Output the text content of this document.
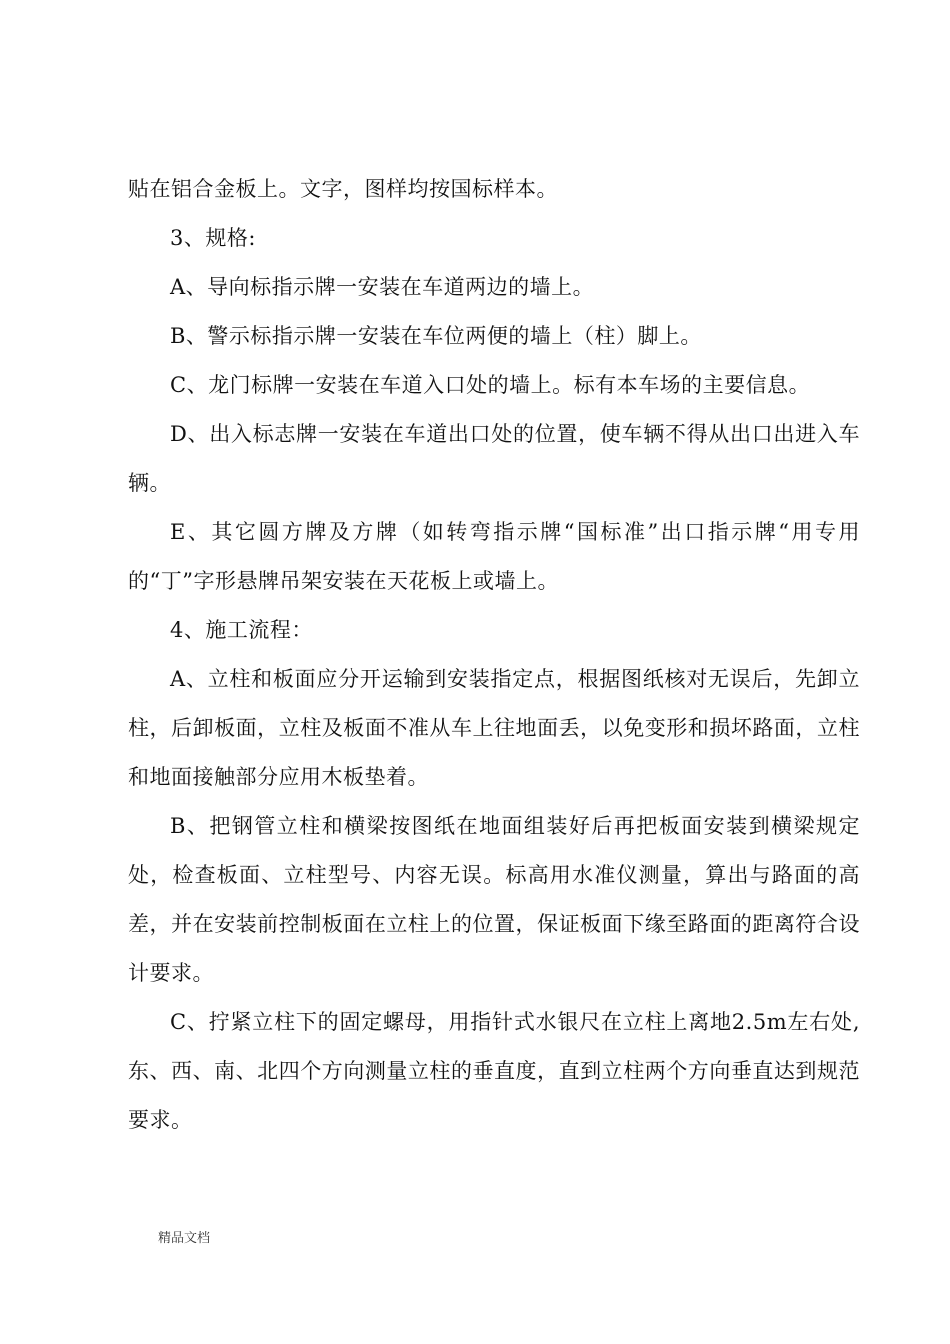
贴在铝合金板上。文字，图样均按国标样本。

3、规格:

A、导向标指示牌一安装在车道两边的墙上。

B、警示标指示牌一安装在车位两便的墙上（柱）脚上。

C、龙门标牌一安装在车道入口处的墙上。标有本车场的主要信息。

D、出入标志牌一安装在车道出口处的位置，使车辆不得从出口出进入车辆。

E、其它圆方牌及方牌（如转弯指示牌“国标准”出口指示牌“用专用的“丁”字形悬牌吊架安装在天花板上或墙上。

4、施工流程：

A、立柱和板面应分开运输到安装指定点，根据图纸核对无误后，先卸立柱，后卸板面，立柱及板面不准从车上往地面丢，以免变形和损坏路面，立柱和地面接触部分应用木板垫着。

B、把钢管立柱和横梁按图纸在地面组装好后再把板面安装到横梁规定处，检查板面、立柱型号、内容无误。标高用水准仪测量，算出与路面的高差，并在安装前控制板面在立柱上的位置，保证板面下缘至路面的距离符合设计要求。

C、拧紧立柱下的固定螺母，用指针式水银尺在立柱上离地2.5m左右处,东、西、南、北四个方向测量立柱的垂直度，直到立柱两个方向垂直达到规范要求。

精品文档
